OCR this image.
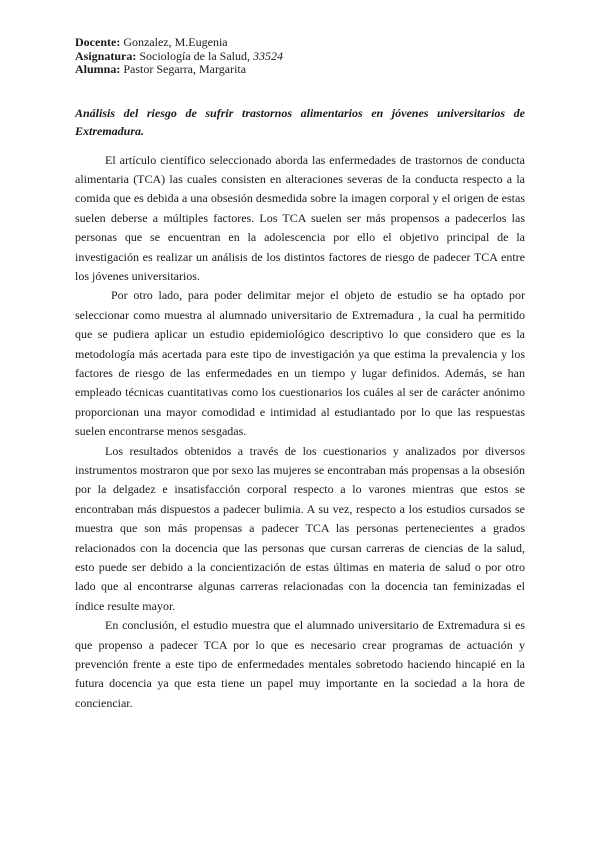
Docente: Gonzalez, M.Eugenia
Asignatura: Sociología de la Salud, 33524
Alumna: Pastor Segarra, Margarita
Análisis del riesgo de sufrir trastornos alimentarios en jóvenes universitarios de Extremadura.

El artículo científico seleccionado aborda las enfermedades de trastornos de conducta alimentaria (TCA) las cuales consisten en alteraciones severas de la conducta respecto a la comida que es debida a una obsesión desmedida sobre la imagen corporal y el origen de estas suelen deberse a múltiples factores. Los TCA suelen ser más propensos a padecerlos las personas que se encuentran en la adolescencia por ello el objetivo principal de la investigación es realizar un análisis de los distintos factores de riesgo de padecer TCA entre los jóvenes universitarios.

Por otro lado, para poder delimitar mejor el objeto de estudio se ha optado por seleccionar como muestra al alumnado universitario de Extremadura , la cual ha permitido que se pudiera aplicar un estudio epidemiológico descriptivo lo que considero que es la metodología más acertada para este tipo de investigación ya que estima la prevalencia y los factores de riesgo de las enfermedades en un tiempo y lugar definidos. Además, se han empleado técnicas cuantitativas como los cuestionarios los cuáles al ser de carácter anónimo proporcionan una mayor comodidad e intimidad al estudiantado por lo que las respuestas suelen encontrarse menos sesgadas.

Los resultados obtenidos a través de los cuestionarios y analizados por diversos instrumentos mostraron que por sexo las mujeres se encontraban más propensas a la obsesión por la delgadez e insatisfacción corporal respecto a lo varones mientras que estos se encontraban más dispuestos a padecer bulimia. A su vez, respecto a los estudios cursados se muestra que son más propensas a padecer TCA las personas pertenecientes a grados relacionados con la docencia que las personas que cursan carreras de ciencias de la salud, esto puede ser debido a la concientización de estas últimas en materia de salud o por otro lado que al encontrarse algunas carreras relacionadas con la docencia tan feminizadas el índice resulte mayor.

En conclusión, el estudio muestra que el alumnado universitario de Extremadura si es que propenso a padecer TCA por lo que es necesario crear programas de actuación y prevención frente a este tipo de enfermedades mentales sobretodo haciendo hincapié en la futura docencia ya que esta tiene un papel muy importante en la sociedad a la hora de concienciar.
